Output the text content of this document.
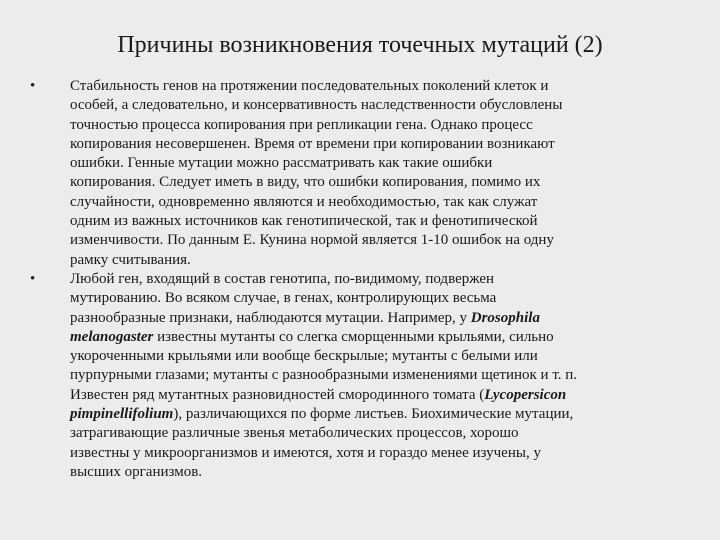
Причины возникновения точечных мутаций (2)
•	Стабильность генов на протяжении последовательных поколений клеток и
особей, а следовательно, и консервативность наследственности обусловлены
точностью процесса копирования при репликации гена. Однако процесс
копирования несовершенен. Время от времени при копировании возникают
ошибки. Генные мутации можно рассматривать как такие ошибки
копирования. Следует иметь в виду, что ошибки копирования, помимо их
случайности, одновременно являются и необходимостью, так как служат
одним из важных источников как генотипической, так и фенотипической
изменчивости. По данным Е. Кунина нормой является 1-10 ошибок на одну
рамку считывания.
•	Любой ген, входящий в состав генотипа, по-видимому, подвержен
мутированию. Во всяком случае, в генах, контролирующих весьма
разнообразные признаки, наблюдаются мутации. Например, у Drosophila
melanogaster известны мутанты со слегка сморщенными крыльями, сильно
укороченными крыльями или вообще бескрылые; мутанты с белыми или
пурпурными глазами; мутанты с разнообразными изменениями щетинок и т. п.
Известен ряд мутантных разновидностей смородинного томата (Lycopersicon
pimpinellifolium), различающихся по форме листьев. Биохимические мутации,
затрагивающие различные звенья метаболических процессов, хорошо
известны у микроорганизмов и имеются, хотя и гораздо менее изучены, у
высших организмов.
